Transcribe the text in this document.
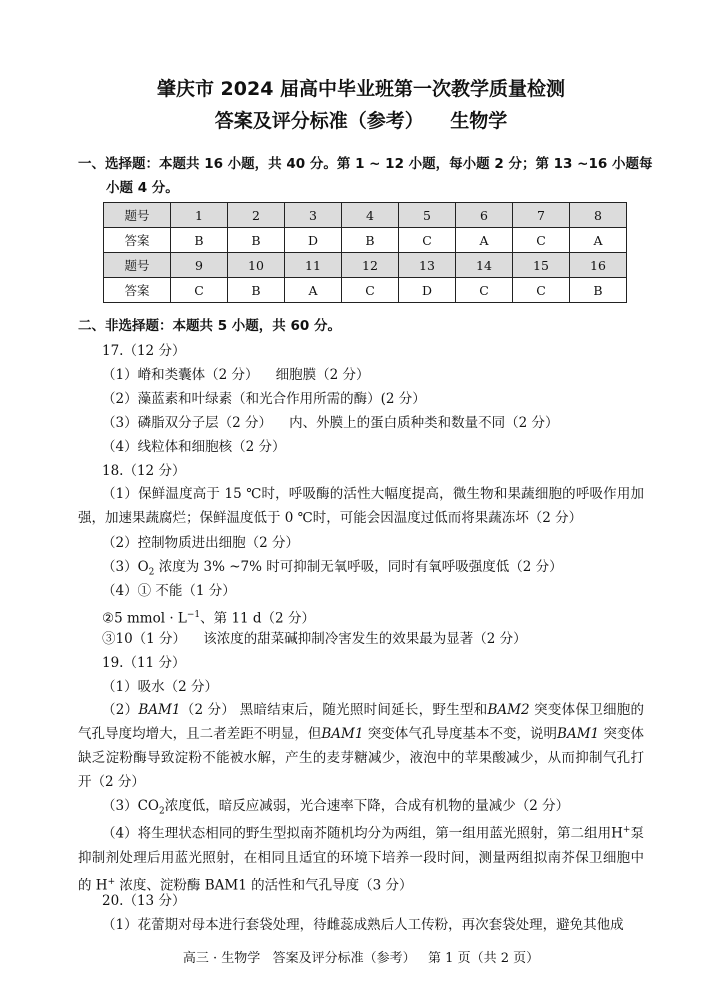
肇庆市 2024 届高中毕业班第一次教学质量检测
答案及评分标准（参考）    生物学
一、选择题：本题共 16 小题，共 40 分。第 1 ~ 12 小题，每小题 2 分；第 13 ~16 小题每
小题 4 分。
题号	1	2	3	4	5	6	7	8
答案	B	B	D	B	C	A	C	A
题号	9	10	11	12	13	14	15	16
答案	C	B	A	C	D	C	C	B
二、非选择题：本题共 5 小题，共 60 分。
17.（12 分）
（1）嵴和类囊体（2 分）    细胞膜（2 分）
（2）藻蓝素和叶绿素（和光合作用所需的酶）(2 分）
（3）磷脂双分子层（2 分）    内、外膜上的蛋白质种类和数量不同（2 分）
（4）线粒体和细胞核（2 分）
18.（12 分）
（1）保鲜温度高于 15 ℃时，呼吸酶的活性大幅度提高，微生物和果蔬细胞的呼吸作用加强，加速果蔬腐烂；保鲜温度低于 0 ℃时，可能会因温度过低而将果蔬冻坏（2 分）
（2）控制物质进出细胞（2 分）
$(3)O_2$ 浓度为 3% ~7% 时可抑制无氧呼吸，同时有氧呼吸强度低（2 分）
（4）① 不能（1 分）
②5 mmol · $L^{-1}$、第 11 d（2 分）
③10（1 分）    该浓度的甜菜碱抑制冷害发生的效果最为显著（2 分）
19.（11 分）
（1）吸水（2 分）
（2）BAM1（2 分） 黑暗结束后，随光照时间延长，野生型和BAM2 突变体保卫细胞的气孔导度均增大，且二者差距不明显，但BAM1 突变体气孔导度基本不变，说明BAM1 突变体缺乏淀粉酶导致淀粉不能被水解，产生的麦芽糖减少，液泡中的苹果酸减少，从而抑制气孔打开（2 分）
$(3)CO_2$浓度低，暗反应减弱，光合速率下降，合成有机物的量减少（2 分）
（4）将生理状态相同的野生型拟南芥随机均分为两组，第一组用蓝光照射，第二组用H+泵抑制剂处理后用蓝光照射，在相同且适宜的环境下培养一段时间，测量两组拟南芥保卫细胞中的 H+ 浓度、淀粉酶 BAM1 的活性和气孔导度（3 分）
20.（13 分）
（1）花蕾期对母本进行套袋处理，待雌蕊成熟后人工传粉，再次套袋处理，避免其他成
高三 · 生物学   答案及评分标准（参考）   第 1 页（共 2 页）
